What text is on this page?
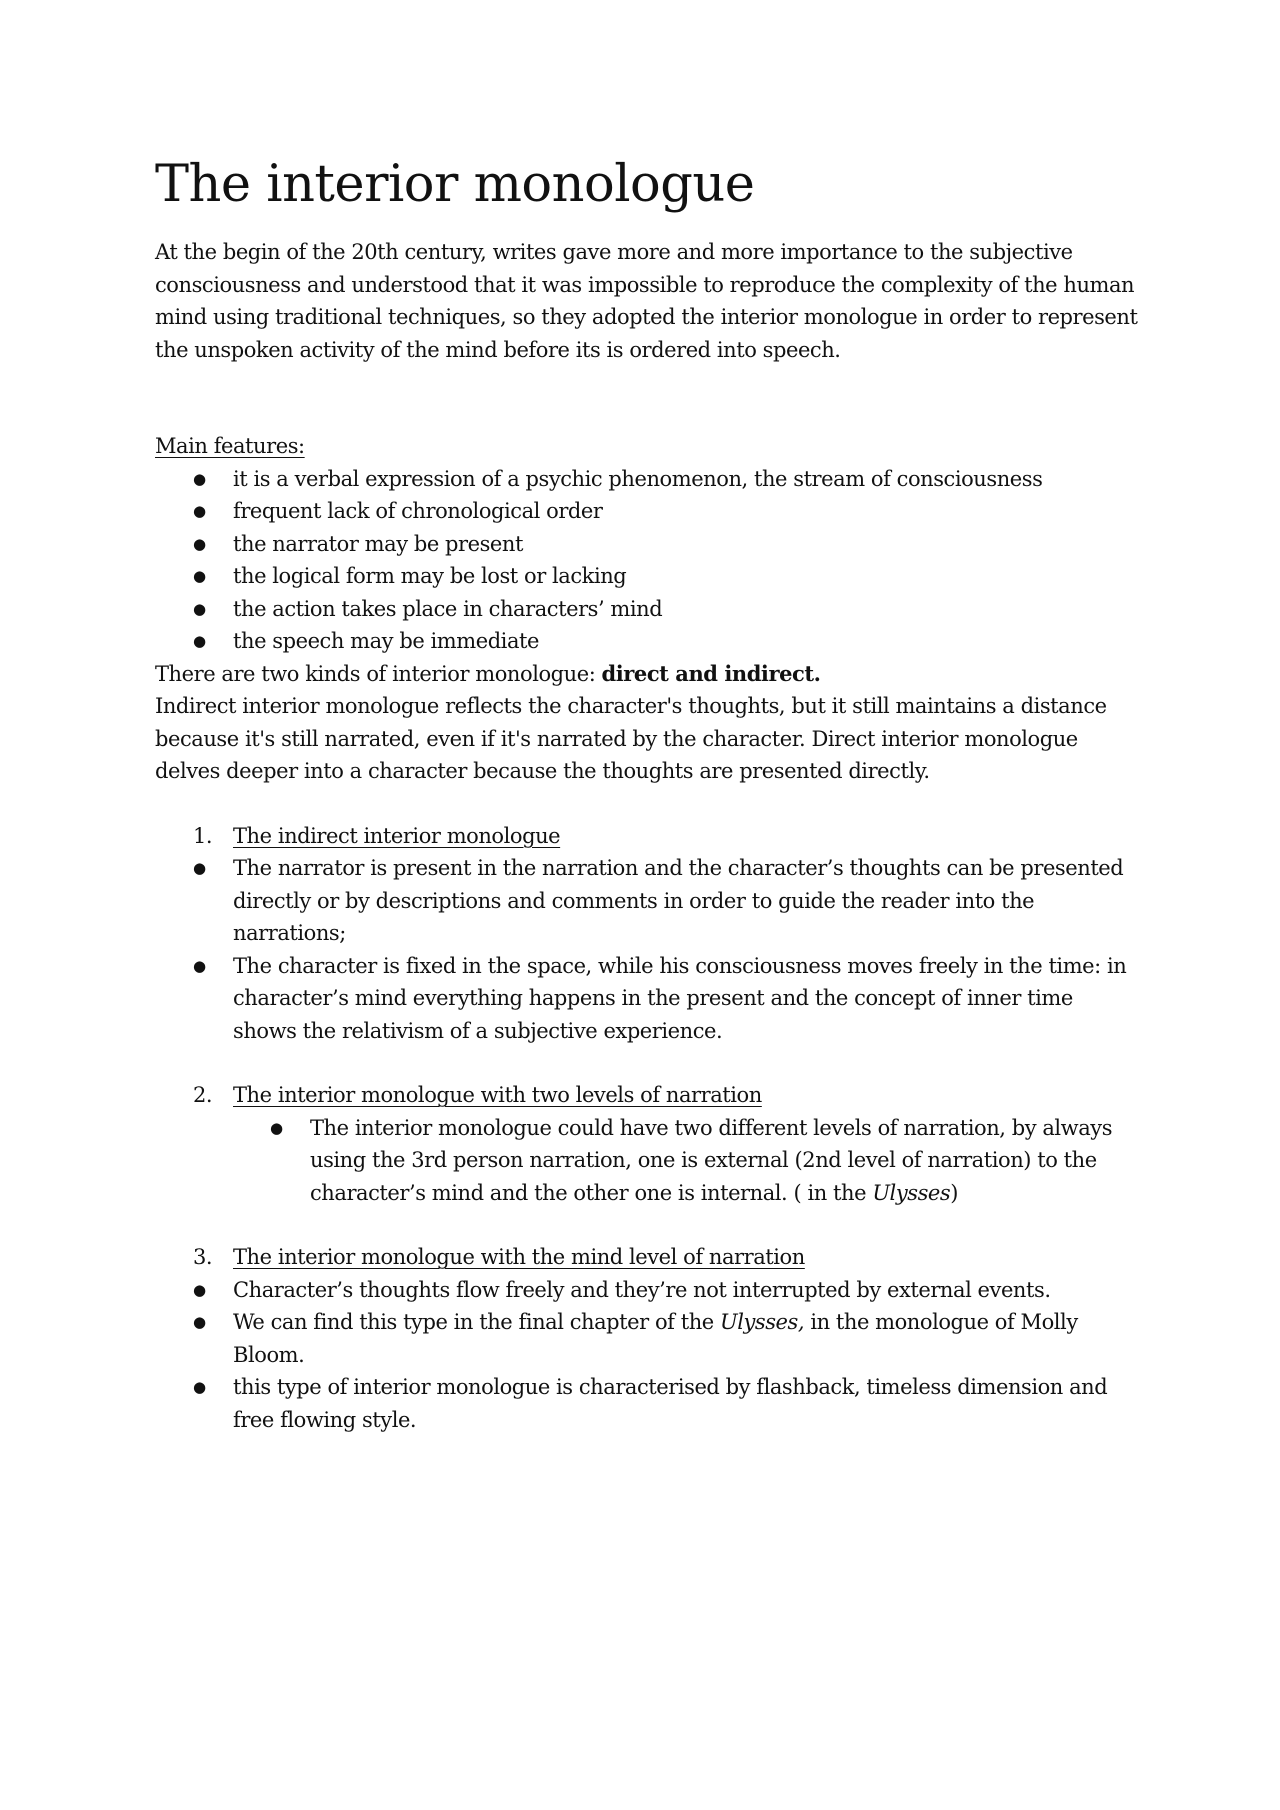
The interior monologue

At the begin of the 20th century, writes gave more and more importance to the subjective consciousness and understood that it was impossible to reproduce the complexity of the human mind using traditional techniques, so they adopted the interior monologue in order to represent the unspoken activity of the mind before its is ordered into speech.

Main features:

●	it is a verbal expression of a psychic phenomenon, the stream of consciousness
●	frequent lack of chronological order
●	the narrator may be present
●	the logical form may be lost or lacking
●	the action takes place in characters’ mind
●	the speech may be immediate

There are two kinds of interior monologue: direct and indirect.

Indirect interior monologue reflects the character's thoughts, but it still maintains a distance because it's still narrated, even if it's narrated by the character. Direct interior monologue delves deeper into a character because the thoughts are presented directly.

1. The indirect interior monologue
●	The narrator is present in the narration and the character’s thoughts can be presented directly or by descriptions and comments in order to guide the reader into the narrations;
●	The character is fixed in the space, while his consciousness moves freely in the time: in character’s mind everything happens in the present and the concept of inner time shows the relativism of a subjective experience.
2. The interior monologue with two levels of narration
●	The interior monologue could have two different levels of narration, by always using the 3rd person narration, one is external (2nd level of narration) to the character’s mind and the other one is internal. ( in the Ulysses)
3. The interior monologue with the mind level of narration
●	Character’s thoughts flow freely and they’re not interrupted by external events.
●	We can find this type in the final chapter of the Ulysses, in the monologue of Molly Bloom.
●	this type of interior monologue is characterised by flashback, timeless dimension and free flowing style.
